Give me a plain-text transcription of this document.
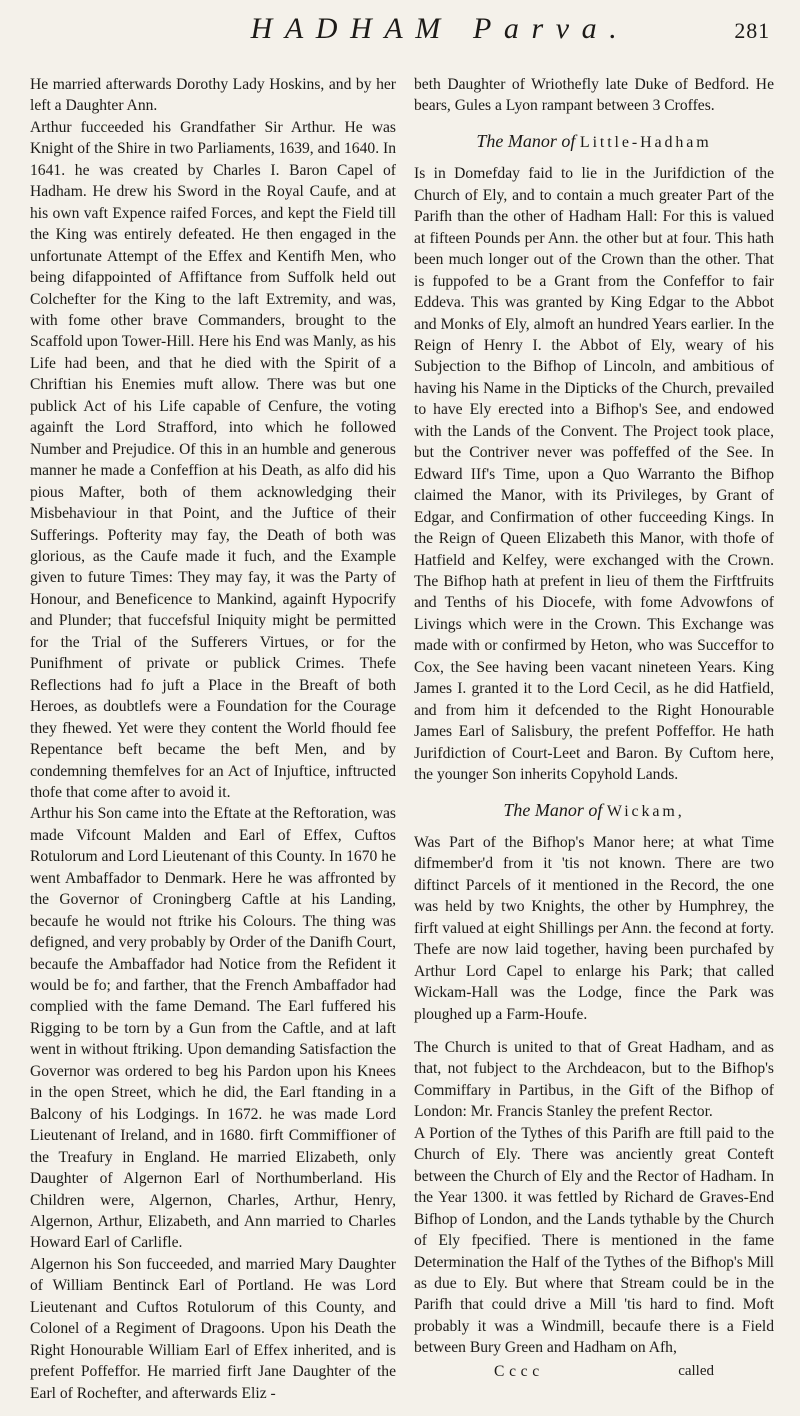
HADHAM Parva.	281

He married afterwards Dorothy Lady Hoskins, and by her left a Daughter Ann.

Arthur fucceeded his Grandfather Sir Arthur. He was Knight of the Shire in two Parliaments, 1639, and 1640. In 1641. he was created by Charles I. Baron Capel of Hadham. He drew his Sword in the Royal Caufe, and at his own vaft Expence raifed Forces, and kept the Field till the King was entirely defeated. He then engaged in the unfortunate Attempt of the Effex and Kentifh Men, who being difappointed of Affiftance from Suffolk held out Colchefter for the King to the laft Extremity, and was, with fome other brave Commanders, brought to the Scaffold upon Tower-Hill. Here his End was Manly, as his Life had been, and that he died with the Spirit of a Chriftian his Enemies muft allow. There was but one publick Act of his Life capable of Cenfure, the voting againft the Lord Strafford, into which he followed Number and Prejudice. Of this in an humble and generous manner he made a Confeffion at his Death, as alfo did his pious Mafter, both of them acknowledging their Misbehaviour in that Point, and the Juftice of their Sufferings. Pofterity may fay, the Death of both was glorious, as the Caufe made it fuch, and the Example given to future Times: They may fay, it was the Party of Honour, and Beneficence to Mankind, againft Hypocrify and Plunder; that fuccefsful Iniquity might be permitted for the Trial of the Sufferers Virtues, or for the Punifhment of private or publick Crimes. Thefe Reflections had fo juft a Place in the Breaft of both Heroes, as doubtlefs were a Foundation for the Courage they fhewed. Yet were they content the World fhould fee Repentance beft became the beft Men, and by condemning themfelves for an Act of Injuftice, inftructed thofe that come after to avoid it.

Arthur his Son came into the Eftate at the Reftoration, was made Vifcount Malden and Earl of Effex, Cuftos Rotulorum and Lord Lieutenant of this County. In 1670 he went Ambaffador to Denmark. Here he was affronted by the Governor of Croningberg Caftle at his Landing, becaufe he would not ftrike his Colours. The thing was defigned, and very probably by Order of the Danifh Court, becaufe the Ambaffador had Notice from the Refident it would be fo; and farther, that the French Ambaffador had complied with the fame Demand. The Earl fuffered his Rigging to be torn by a Gun from the Caftle, and at laft went in without ftriking. Upon demanding Satisfaction the Governor was ordered to beg his Pardon upon his Knees in the open Street, which he did, the Earl ftanding in a Balcony of his Lodgings. In 1672. he was made Lord Lieutenant of Ireland, and in 1680. firft Commiffioner of the Treafury in England. He married Elizabeth, only Daughter of Algernon Earl of Northumberland. His Children were, Algernon, Charles, Arthur, Henry, Algernon, Arthur, Elizabeth, and Ann married to Charles Howard Earl of Carlifle.

Algernon his Son fucceeded, and married Mary Daughter of William Bentinck Earl of Portland. He was Lord Lieutenant and Cuftos Rotulorum of this County, and Colonel of a Regiment of Dragoons. Upon his Death the Right Honourable William Earl of Effex inherited, and is prefent Poffeffor. He married firft Jane Daughter of the Earl of Rochefter, and afterwards Eliz -

beth Daughter of Wriothefly late Duke of Bedford. He bears, Gules a Lyon rampant between 3 Croffes.

The Manor of Little-Hadham

Is in Domefday faid to lie in the Jurifdiction of the Church of Ely, and to contain a much greater Part of the Parifh than the other of Hadham Hall: For this is valued at fifteen Pounds per Ann. the other but at four. This hath been much longer out of the Crown than the other. That is fuppofed to be a Grant from the Confeffor to fair Eddeva. This was granted by King Edgar to the Abbot and Monks of Ely, almoft an hundred Years earlier. In the Reign of Henry I. the Abbot of Ely, weary of his Subjection to the Bifhop of Lincoln, and ambitious of having his Name in the Dipticks of the Church, prevailed to have Ely erected into a Bifhop's See, and endowed with the Lands of the Convent. The Project took place, but the Contriver never was poffeffed of the See. In Edward IIf's Time, upon a Quo Warranto the Bifhop claimed the Manor, with its Privileges, by Grant of Edgar, and Confirmation of other fucceeding Kings. In the Reign of Queen Elizabeth this Manor, with thofe of Hatfield and Kelfey, were exchanged with the Crown. The Bifhop hath at prefent in lieu of them the Firftfruits and Tenths of his Diocefe, with fome Advowfons of Livings which were in the Crown. This Exchange was made with or confirmed by Heton, who was Succeffor to Cox, the See having been vacant nineteen Years. King James I. granted it to the Lord Cecil, as he did Hatfield, and from him it defcended to the Right Honourable James Earl of Salisbury, the prefent Poffeffor. He hath Jurifdiction of Court-Leet and Baron. By Cuftom here, the younger Son inherits Copyhold Lands.

The Manor of Wickam,

Was Part of the Bifhop's Manor here; at what Time difmember'd from it 'tis not known. There are two diftinct Parcels of it mentioned in the Record, the one was held by two Knights, the other by Humphrey, the firft valued at eight Shillings per Ann. the fecond at forty. Thefe are now laid together, having been purchafed by Arthur Lord Capel to enlarge his Park; that called Wickam-Hall was the Lodge, fince the Park was ploughed up a Farm-Houfe.

The Church is united to that of Great Hadham, and as that, not fubject to the Archdeacon, but to the Bifhop's Commiffary in Partibus, in the Gift of the Bifhop of London: Mr. Francis Stanley the prefent Rector.

A Portion of the Tythes of this Parifh are ftill paid to the Church of Ely. There was anciently great Conteft between the Church of Ely and the Rector of Hadham. In the Year 1300. it was fettled by Richard de Graves-End Bifhop of London, and the Lands tythable by the Church of Ely fpecified. There is mentioned in the fame Determination the Half of the Tythes of the Bifhop's Mill as due to Ely. But where that Stream could be in the Parifh that could drive a Mill 'tis hard to find. Moft probably it was a Windmill, becaufe there is a Field between Bury Green and Hadham on Afh,

Cccc	called
